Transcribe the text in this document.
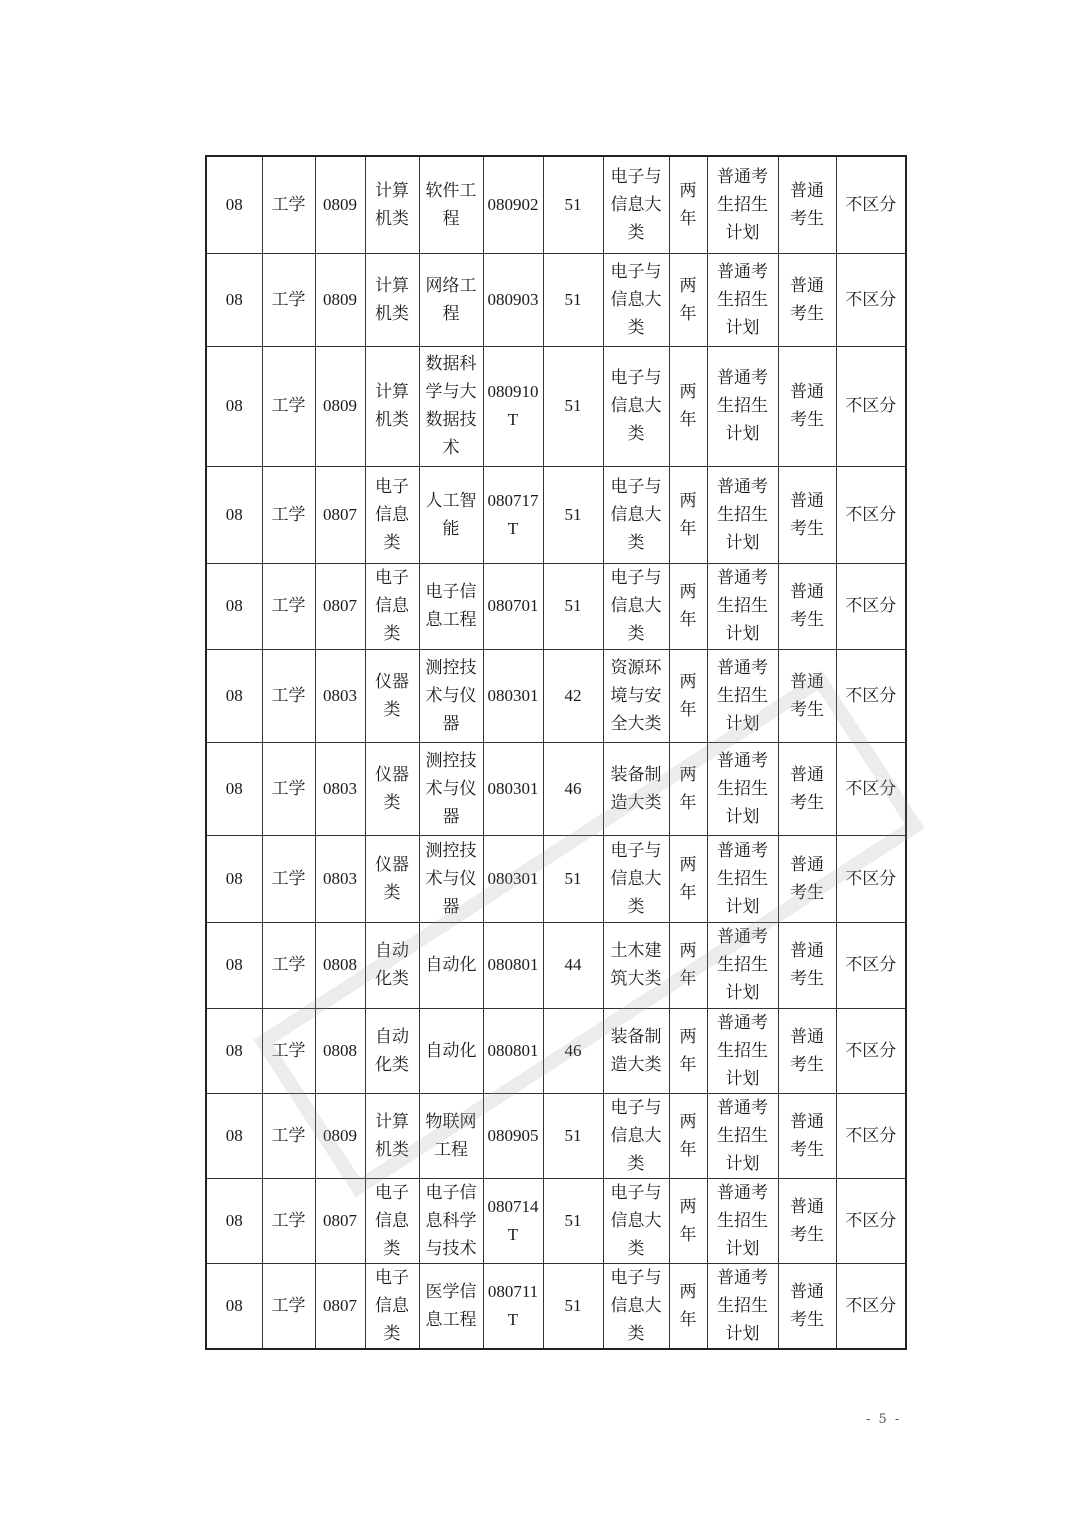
08	工学	0809	计算机类	软件工程	080902	51	电子与信息大类	两年	普通考生招生计划	普通考生	不区分
08	工学	0809	计算机类	网络工程	080903	51	电子与信息大类	两年	普通考生招生计划	普通考生	不区分
08	工学	0809	计算机类	数据科学与大数据技术	080910T	51	电子与信息大类	两年	普通考生招生计划	普通考生	不区分
08	工学	0807	电子信息类	人工智能	080717T	51	电子与信息大类	两年	普通考生招生计划	普通考生	不区分
08	工学	0807	电子信息类	电子信息工程	080701	51	电子与信息大类	两年	普通考生招生计划	普通考生	不区分
08	工学	0803	仪器类	测控技术与仪器	080301	42	资源环境与安全大类	两年	普通考生招生计划	普通考生	不区分
08	工学	0803	仪器类	测控技术与仪器	080301	46	装备制造大类	两年	普通考生招生计划	普通考生	不区分
08	工学	0803	仪器类	测控技术与仪器	080301	51	电子与信息大类	两年	普通考生招生计划	普通考生	不区分
08	工学	0808	自动化类	自动化	080801	44	土木建筑大类	两年	普通考生招生计划	普通考生	不区分
08	工学	0808	自动化类	自动化	080801	46	装备制造大类	两年	普通考生招生计划	普通考生	不区分
08	工学	0809	计算机类	物联网工程	080905	51	电子与信息大类	两年	普通考生招生计划	普通考生	不区分
08	工学	0807	电子信息类	电子信息科学与技术	080714T	51	电子与信息大类	两年	普通考生招生计划	普通考生	不区分
08	工学	0807	电子信息类	医学信息工程	080711T	51	电子与信息大类	两年	普通考生招生计划	普通考生	不区分
- 5 -
